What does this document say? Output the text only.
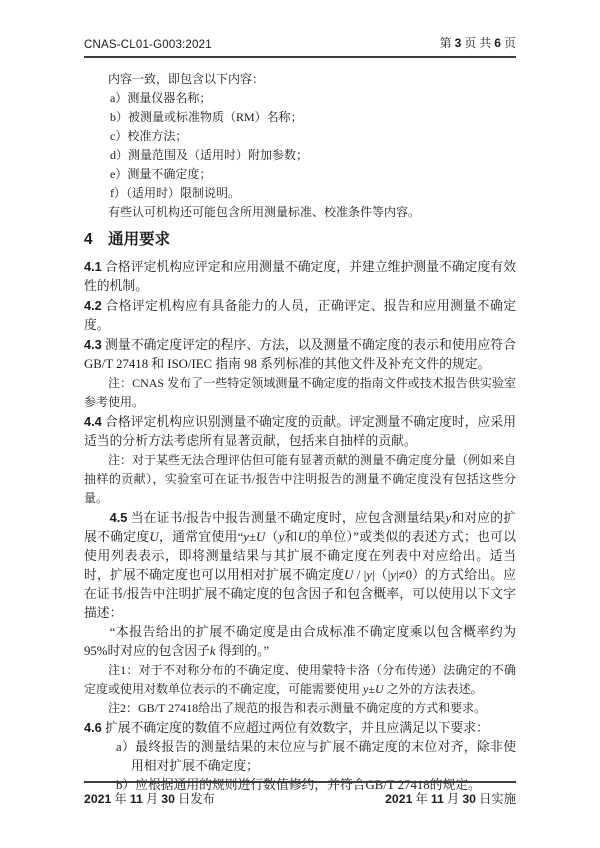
CNAS-CL01-G003:2021	第 3 页 共 6 页

内容一致，即包含以下内容：

a）测量仪器名称；

b）被测量或标准物质（RM）名称；

c）校准方法；

d）测量范围及（适用时）附加参数；

e）测量不确定度；

f）（适用时）限制说明。

有些认可机构还可能包含所用测量标准、校准条件等内容。

4　通用要求

4.1 合格评定机构应评定和应用测量不确定度，并建立维护测量不确定度有效性的机制。

4.2 合格评定机构应有具备能力的人员，正确评定、报告和应用测量不确定度。

4.3 测量不确定度评定的程序、方法，以及测量不确定度的表示和使用应符合 GB/T 27418 和 ISO/IEC 指南 98 系列标准的其他文件及补充文件的规定。

注：CNAS 发布了一些特定领域测量不确定度的指南文件或技术报告供实验室参考使用。

4.4 合格评定机构应识别测量不确定度的贡献。评定测量不确定度时，应采用适当的分析方法考虑所有显著贡献，包括来自抽样的贡献。

注：对于某些无法合理评估但可能有显著贡献的测量不确定度分量（例如来自抽样的贡献），实验室可在证书/报告中注明报告的测量不确定度没有包括这些分量。

4.5 当在证书/报告中报告测量不确定度时，应包含测量结果y和对应的扩展不确定度U，通常宜使用“y±U（y和U的单位）”或类似的表述方式；也可以使用列表表示，即将测量结果与其扩展不确定度在列表中对应给出。适当时，扩展不确定度也可以用相对扩展不确定度U / |y|（|y|≠0）的方式给出。应在证书/报告中注明扩展不确定度的包含因子和包含概率，可以使用以下文字描述：

“本报告给出的扩展不确定度是由合成标准不确定度乘以包含概率约为95%时对应的包含因子k 得到的。”

注1：对于不对称分布的不确定度、使用蒙特卡洛（分布传递）法确定的不确定度或使用对数单位表示的不确定度，可能需要使用 y±U 之外的方法表述。

注2：GB/T 27418给出了规范的报告和表示测量不确定度的方式和要求。

4.6 扩展不确定度的数值不应超过两位有效数字，并且应满足以下要求：

a）最终报告的测量结果的末位应与扩展不确定度的末位对齐，除非使用相对扩展不确定度；

b）应根据通用的规则进行数值修约，并符合GB/T 27418的规定。

2021 年 11 月 30 日发布	2021 年 11 月 30 日实施
